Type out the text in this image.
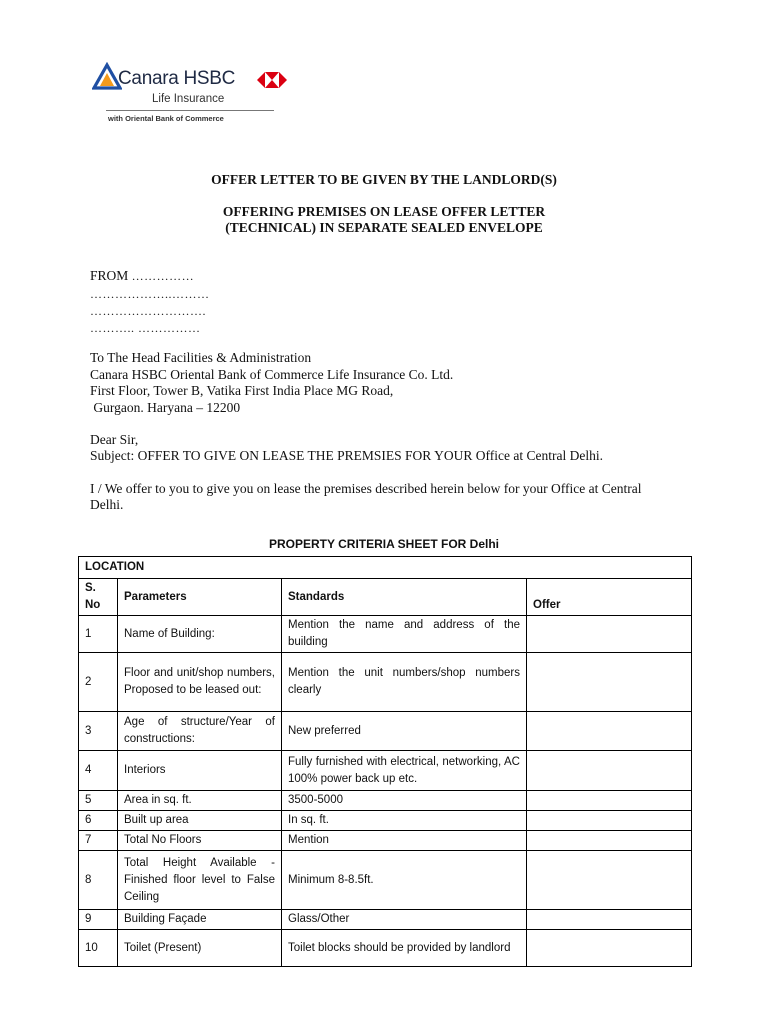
Canara HSBC
Life Insurance
with Oriental Bank of Commerce
OFFER LETTER TO BE GIVEN BY THE LANDLORD(S)
OFFERING PREMISES ON LEASE OFFER LETTER
(TECHNICAL) IN SEPARATE SEALED ENVELOPE
FROM ……………
………………..………
……………………….
……….. ……………
To The Head Facilities & Administration
Canara HSBC Oriental Bank of Commerce Life Insurance Co. Ltd.
First Floor, Tower B, Vatika First India Place MG Road,
Gurgaon. Haryana – 12200
Dear Sir,
Subject: OFFER TO GIVE ON LEASE THE PREMSIES FOR YOUR Office at Central Delhi.
I / We offer to you to give you on lease the premises described herein below for your Office at Central
Delhi.
PROPERTY CRITERIA SHEET FOR Delhi
LOCATION			
S. No	Parameters	Standards	Offer
1	Name of Building:	Mention the name and address of the building	
2	Floor and unit/shop numbers, Proposed to be leased out:	Mention the unit numbers/shop numbers clearly	
3	Age of structure/Year of constructions:	New preferred	
4	Interiors	Fully furnished with electrical, networking, AC 100% power back up etc.	
5	Area in sq. ft.	3500-5000	
6	Built up area	In sq. ft.	
7	Total No Floors	Mention	
8	Total Height Available - Finished floor level to False Ceiling	Minimum 8-8.5ft.	
9	Building Façade	Glass/Other	
10	Toilet (Present)	Toilet blocks should be provided by landlord	
